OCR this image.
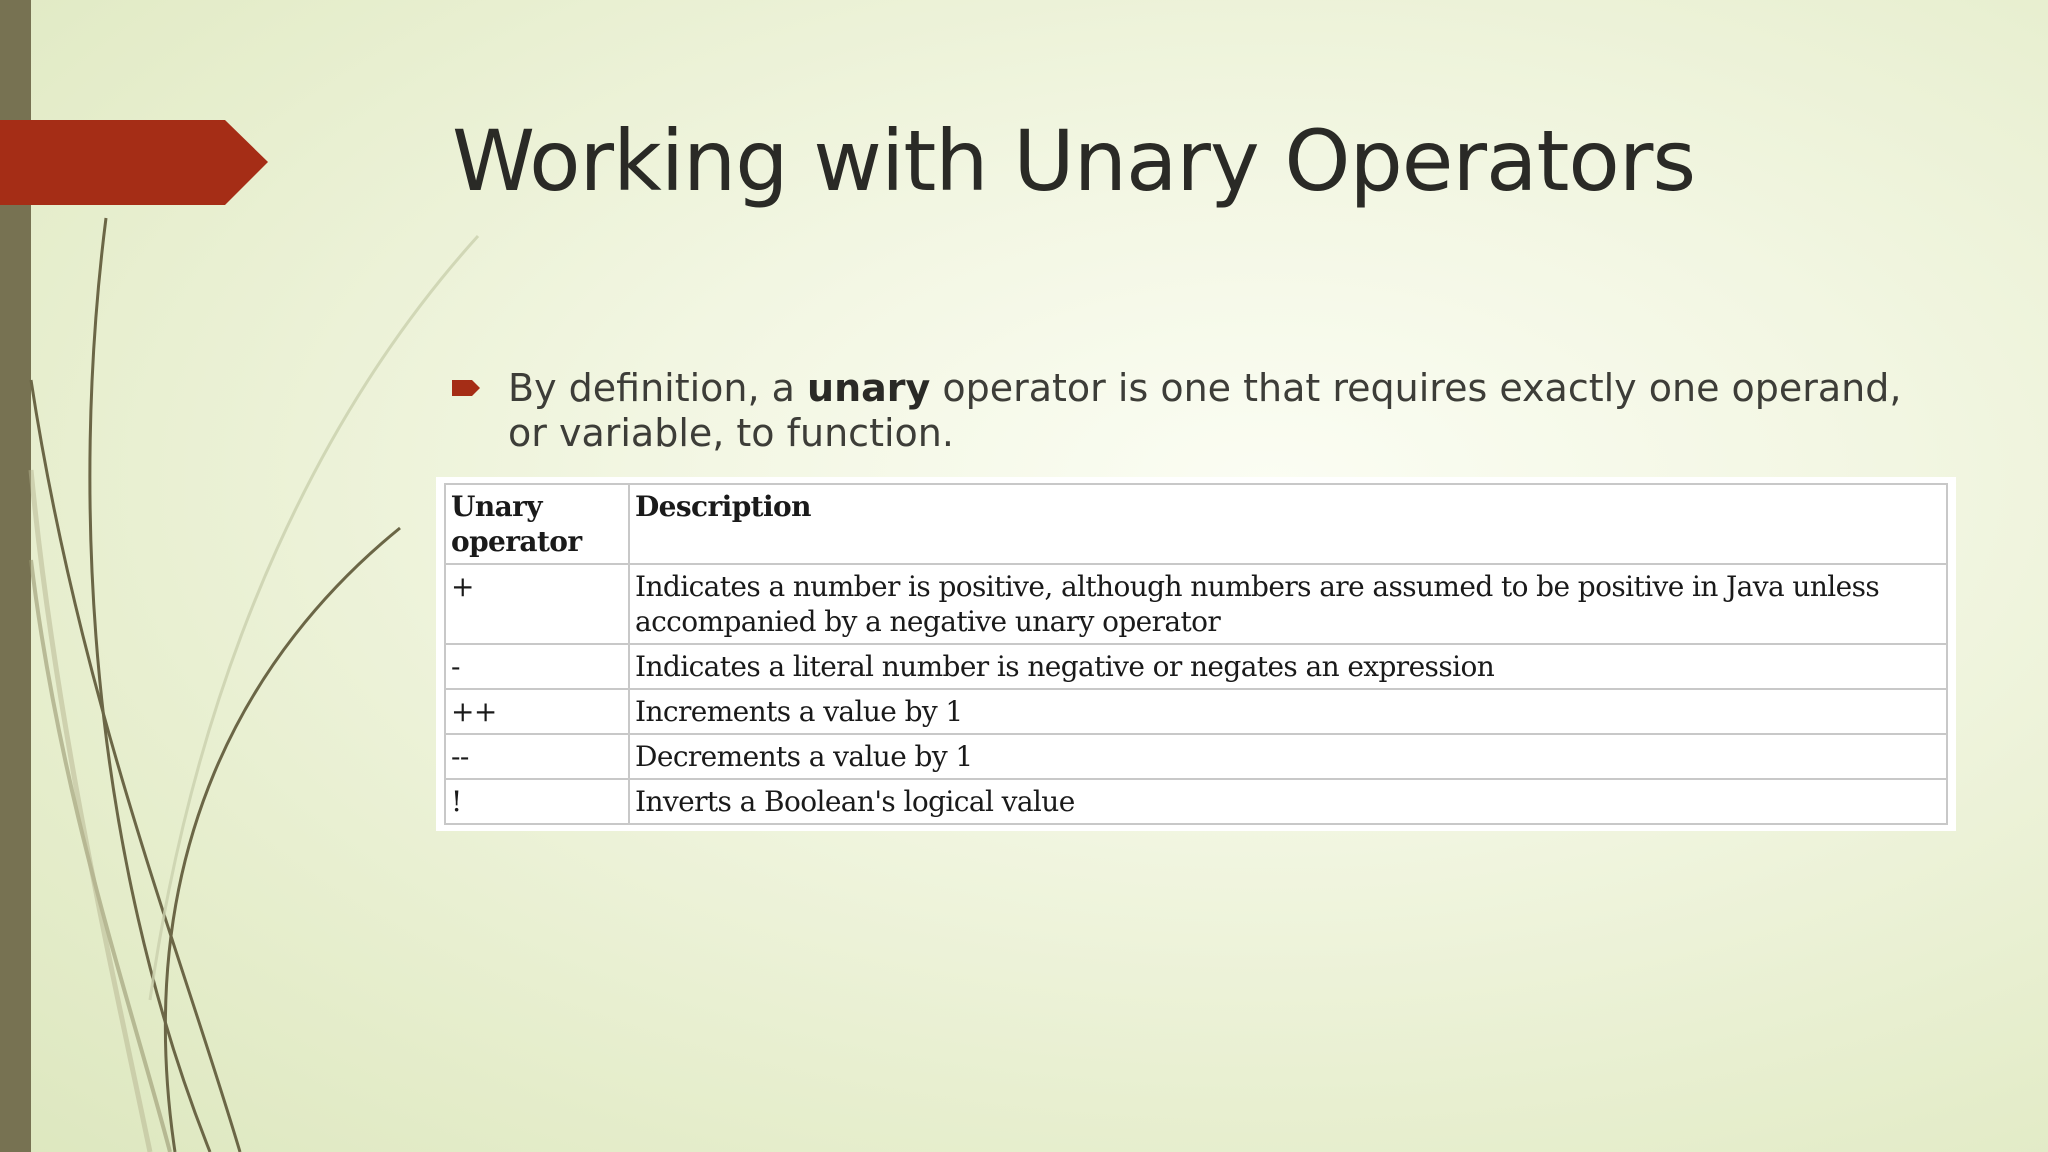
Working with Unary Operators
By definition, a unary operator is one that requires exactly one operand, or variable, to function.
Unary operator	Description
+	Indicates a number is positive, although numbers are assumed to be positive in Java unless accompanied by a negative unary operator
-	Indicates a literal number is negative or negates an expression
++	Increments a value by 1
--	Decrements a value by 1
!	Inverts a Boolean's logical value
